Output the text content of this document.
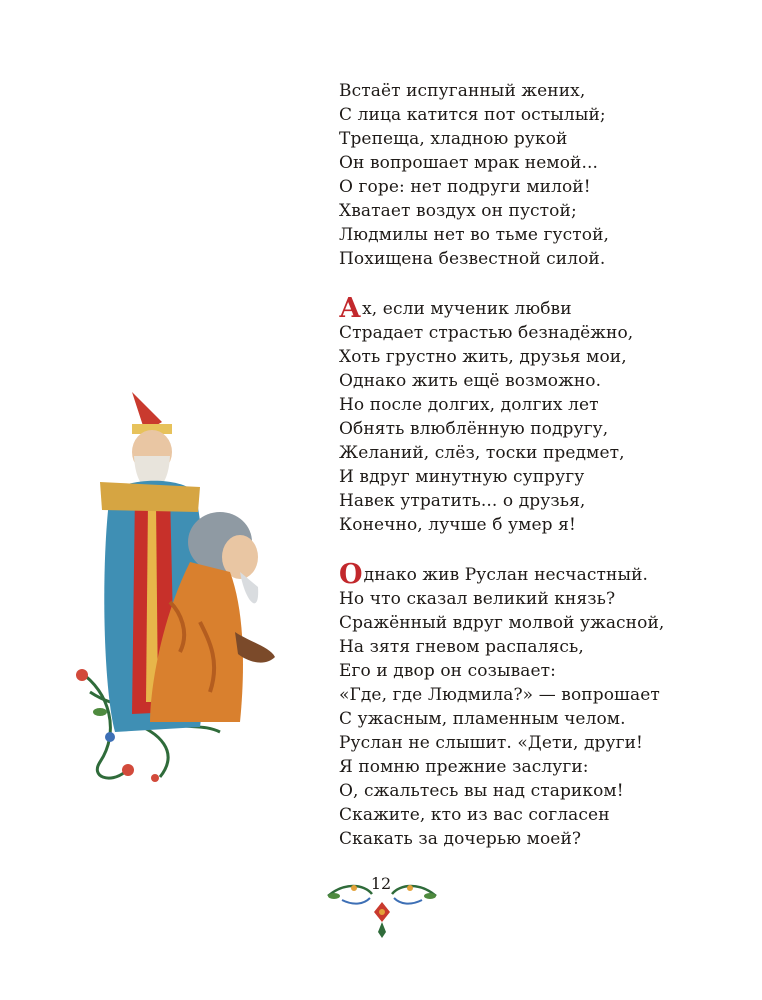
Встаёт испуганный жених,
С лица катится пот остылый;
Трепеща, хладною рукой
Он вопрошает мрак немой...
О горе: нет подруги милой!
Хватает воздух он пустой;
Людмилы нет во тьме густой,
Похищена безвестной силой.
Ах, если мученик любви
Страдает страстью безнадёжно,
Хоть грустно жить, друзья мои,
Однако жить ещё возможно.
Но после долгих, долгих лет
Обнять влюблённую подругу,
Желаний, слёз, тоски предмет,
И вдруг минутную супругу
Навек утратить... о друзья,
Конечно, лучше б умер я!
Однако жив Руслан несчастный.
Но что сказал великий князь?
Сражённый вдруг молвой ужасной,
На зятя гневом распалясь,
Его и двор он созывает:
«Где, где Людмила?» — вопрошает
С ужасным, пламенным челом.
Руслан не слышит. «Дети, други!
Я помню прежние заслуги:
О, сжальтесь вы над стариком!
Скажите, кто из вас согласен
Скакать за дочерью моей?
12
